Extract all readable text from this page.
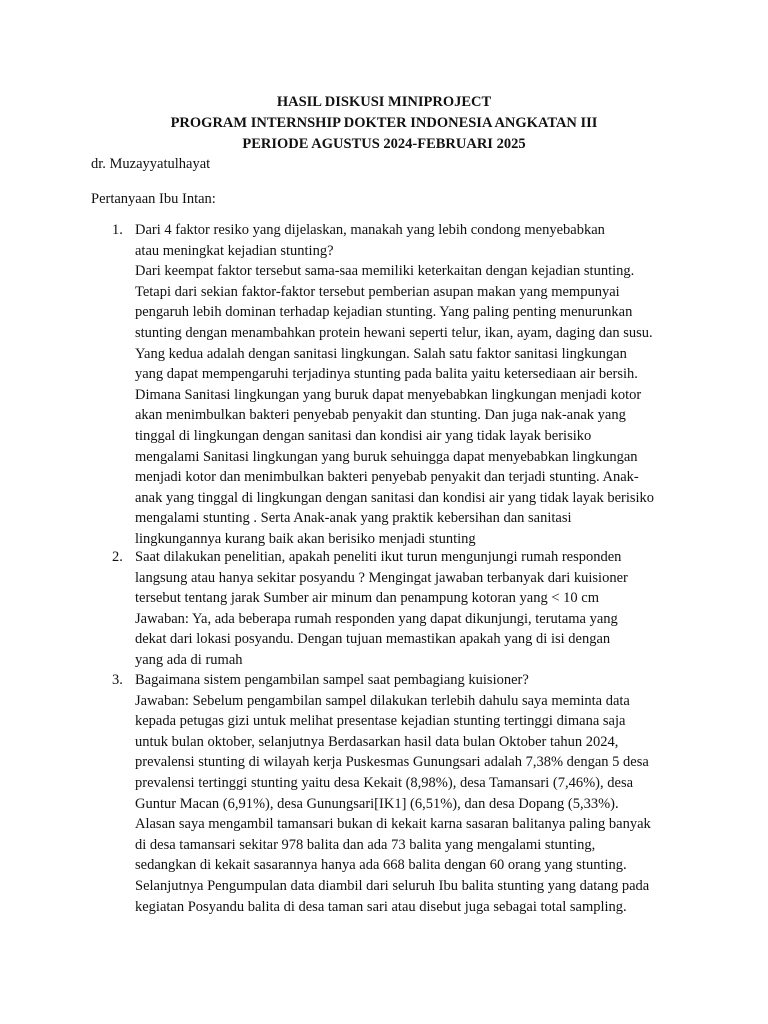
HASIL DISKUSI MINIPROJECT
PROGRAM INTERNSHIP DOKTER INDONESIA ANGKATAN III
PERIODE AGUSTUS 2024-FEBRUARI 2025
dr. Muzayyatulhayat
Pertanyaan Ibu Intan:
1. Dari 4 faktor resiko yang dijelaskan, manakah yang lebih condong menyebabkan
atau meningkat kejadian stunting?
Dari keempat faktor tersebut sama-saa memiliki keterkaitan dengan kejadian stunting.
Tetapi dari sekian faktor-faktor tersebut pemberian asupan makan yang mempunyai
pengaruh lebih dominan terhadap kejadian stunting. Yang paling penting menurunkan
stunting dengan menambahkan protein hewani seperti telur, ikan, ayam, daging dan susu.
Yang kedua adalah dengan sanitasi lingkungan. Salah satu faktor sanitasi lingkungan
yang dapat mempengaruhi terjadinya stunting pada balita yaitu ketersediaan air bersih.
Dimana Sanitasi lingkungan yang buruk dapat menyebabkan lingkungan menjadi kotor
akan menimbulkan bakteri penyebab penyakit dan stunting. Dan juga nak-anak yang
tinggal di lingkungan dengan sanitasi dan kondisi air yang tidak layak berisiko
mengalami Sanitasi lingkungan yang buruk sehuingga dapat menyebabkan lingkungan
menjadi kotor dan menimbulkan bakteri penyebab penyakit dan terjadi stunting. Anak-
anak yang tinggal di lingkungan dengan sanitasi dan kondisi air yang tidak layak berisiko
mengalami stunting . Serta Anak-anak yang praktik kebersihan dan sanitasi
lingkungannya kurang baik akan berisiko menjadi stunting
2. Saat dilakukan penelitian, apakah peneliti ikut turun mengunjungi rumah responden
langsung atau hanya sekitar posyandu ? Mengingat jawaban terbanyak dari kuisioner
tersebut tentang jarak Sumber air minum dan penampung kotoran yang < 10 cm
Jawaban: Ya, ada beberapa rumah responden yang dapat dikunjungi, terutama yang
dekat dari lokasi posyandu. Dengan tujuan memastikan apakah yang di isi dengan
yang ada di rumah
3. Bagaimana sistem pengambilan sampel saat pembagiang kuisioner?
Jawaban: Sebelum pengambilan sampel dilakukan terlebih dahulu saya meminta data
kepada petugas gizi untuk melihat presentase kejadian stunting tertinggi dimana saja
untuk bulan oktober, selanjutnya Berdasarkan hasil data bulan Oktober tahun 2024,
prevalensi stunting di wilayah kerja Puskesmas Gunungsari adalah 7,38% dengan 5 desa
prevalensi tertinggi stunting yaitu desa Kekait (8,98%), desa Tamansari (7,46%), desa
Guntur Macan (6,91%), desa Gunungsari[IK1] (6,51%), dan desa Dopang (5,33%).
Alasan saya mengambil tamansari bukan di kekait karna sasaran balitanya paling banyak
di desa tamansari sekitar 978 balita dan ada 73 balita yang mengalami stunting,
sedangkan di kekait sasarannya hanya ada 668 balita dengan 60 orang yang stunting.
Selanjutnya Pengumpulan data diambil dari seluruh Ibu balita stunting yang datang pada
kegiatan Posyandu balita di desa taman sari atau disebut juga sebagai total sampling.
